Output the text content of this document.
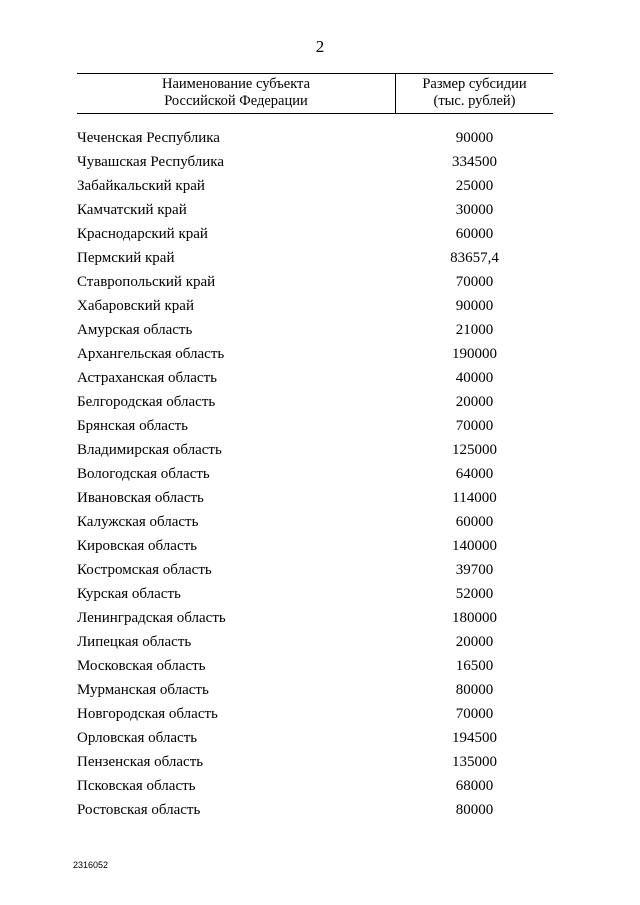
2
Наименование субъекта
Российской Федерации
Размер субсидии
(тыс. рублей)
Чеченская Республика	90000
Чувашская Республика	334500
Забайкальский край	25000
Камчатский край	30000
Краснодарский край	60000
Пермский край	83657,4
Ставропольский край	70000
Хабаровский край	90000
Амурская область	21000
Архангельская область	190000
Астраханская область	40000
Белгородская область	20000
Брянская область	70000
Владимирская область	125000
Вологодская область	64000
Ивановская область	114000
Калужская область	60000
Кировская область	140000
Костромская область	39700
Курская область	52000
Ленинградская область	180000
Липецкая область	20000
Московская область	16500
Мурманская область	80000
Новгородская область	70000
Орловская область	194500
Пензенская область	135000
Псковская область	68000
Ростовская область	80000
2316052
